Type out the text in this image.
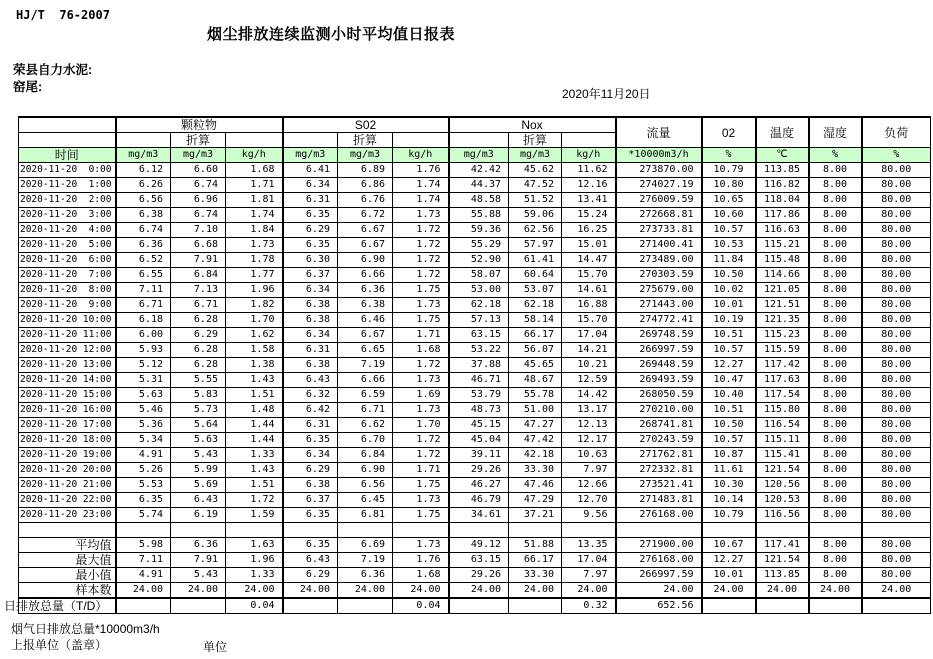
HJ/T  76-2007
烟尘排放连续监测小时平均值日报表
荣县自力水泥:
窑尾:	2020年11月20日
	颗粒物			S02			Nox			流量	02	温度	湿度	负荷
		折算			折算			折算						
时间	mg/m3	mg/m3	kg/h	mg/m3	mg/m3	kg/h	mg/m3	mg/m3	kg/h	*10000m3/h	%	℃	%	%
2020-11-20  0:00	6.12	6.60	1.68	6.41	6.89	1.76	42.42	45.62	11.62	273870.00	10.79	113.85	8.00	80.00
2020-11-20  1:00	6.26	6.74	1.71	6.34	6.86	1.74	44.37	47.52	12.16	274027.19	10.80	116.82	8.00	80.00
2020-11-20  2:00	6.56	6.96	1.81	6.31	6.76	1.74	48.58	51.52	13.41	276009.59	10.65	118.04	8.00	80.00
2020-11-20  3:00	6.38	6.74	1.74	6.35	6.72	1.73	55.88	59.06	15.24	272668.81	10.60	117.86	8.00	80.00
2020-11-20  4:00	6.74	7.10	1.84	6.29	6.67	1.72	59.36	62.56	16.25	273733.81	10.57	116.63	8.00	80.00
2020-11-20  5:00	6.36	6.68	1.73	6.35	6.67	1.72	55.29	57.97	15.01	271400.41	10.53	115.21	8.00	80.00
2020-11-20  6:00	6.52	7.91	1.78	6.30	6.90	1.72	52.90	61.41	14.47	273489.00	11.84	115.48	8.00	80.00
2020-11-20  7:00	6.55	6.84	1.77	6.37	6.66	1.72	58.07	60.64	15.70	270303.59	10.50	114.66	8.00	80.00
2020-11-20  8:00	7.11	7.13	1.96	6.34	6.36	1.75	53.00	53.07	14.61	275679.00	10.02	121.05	8.00	80.00
2020-11-20  9:00	6.71	6.71	1.82	6.38	6.38	1.73	62.18	62.18	16.88	271443.00	10.01	121.51	8.00	80.00
2020-11-20 10:00	6.18	6.28	1.70	6.38	6.46	1.75	57.13	58.14	15.70	274772.41	10.19	121.35	8.00	80.00
2020-11-20 11:00	6.00	6.29	1.62	6.34	6.67	1.71	63.15	66.17	17.04	269748.59	10.51	115.23	8.00	80.00
2020-11-20 12:00	5.93	6.28	1.58	6.31	6.65	1.68	53.22	56.07	14.21	266997.59	10.57	115.59	8.00	80.00
2020-11-20 13:00	5.12	6.28	1.38	6.38	7.19	1.72	37.88	45.65	10.21	269448.59	12.27	117.42	8.00	80.00
2020-11-20 14:00	5.31	5.55	1.43	6.43	6.66	1.73	46.71	48.67	12.59	269493.59	10.47	117.63	8.00	80.00
2020-11-20 15:00	5.63	5.83	1.51	6.32	6.59	1.69	53.79	55.78	14.42	268050.59	10.40	117.54	8.00	80.00
2020-11-20 16:00	5.46	5.73	1.48	6.42	6.71	1.73	48.73	51.00	13.17	270210.00	10.51	115.80	8.00	80.00
2020-11-20 17:00	5.36	5.64	1.44	6.31	6.62	1.70	45.15	47.27	12.13	268741.81	10.50	116.54	8.00	80.00
2020-11-20 18:00	5.34	5.63	1.44	6.35	6.70	1.72	45.04	47.42	12.17	270243.59	10.57	115.11	8.00	80.00
2020-11-20 19:00	4.91	5.43	1.33	6.34	6.84	1.72	39.11	42.18	10.63	271762.81	10.87	115.41	8.00	80.00
2020-11-20 20:00	5.26	5.99	1.43	6.29	6.90	1.71	29.26	33.30	7.97	272332.81	11.61	121.54	8.00	80.00
2020-11-20 21:00	5.53	5.69	1.51	6.38	6.56	1.75	46.27	47.46	12.66	273521.41	10.30	120.56	8.00	80.00
2020-11-20 22:00	6.35	6.43	1.72	6.37	6.45	1.73	46.79	47.29	12.70	271483.81	10.14	120.53	8.00	80.00
2020-11-20 23:00	5.74	6.19	1.59	6.35	6.81	1.75	34.61	37.21	9.56	276168.00	10.79	116.56	8.00	80.00

平均值	5.98	6.36	1.63	6.35	6.69	1.73	49.12	51.88	13.35	271900.00	10.67	117.41	8.00	80.00
最大值	7.11	7.91	1.96	6.43	7.19	1.76	63.15	66.17	17.04	276168.00	12.27	121.54	8.00	80.00
最小值	4.91	5.43	1.33	6.29	6.36	1.68	29.26	33.30	7.97	266997.59	10.01	113.85	8.00	80.00
样本数	24.00	24.00	24.00	24.00	24.00	24.00	24.00	24.00	24.00	24.00	24.00	24.00	24.00	24.00
日排放总量（T/D）			0.04			0.04			0.32	652.56				
烟气日排放总量*10000m3/h
上报单位（盖章）	单位
